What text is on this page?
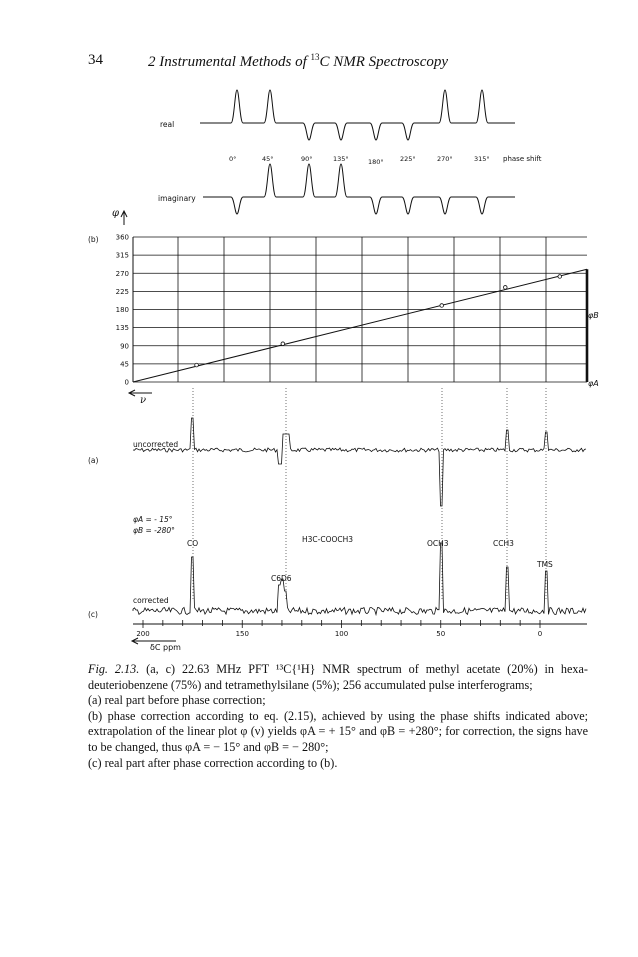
34	2 Instrumental Methods of $^{13}$C NMR Spectroscopy
real
imaginary
phase shift
0°	45°	90°	135°	180°	225°	270°	315°
(b)
φ
0
45
90
135
180
225
270
315
360
φB
φA
ν
(a)
uncorrected
φA = - 15°
φB = -280°
CO	H3C-COOCH3	OCH3	CCH3
TMS
C6D6
corrected
(c)
200	150	100	50	0
δC ppm

Fig. 2.13. (a, c) 22.63 MHz PFT ¹³C{¹H} NMR spectrum of methyl acetate (20%) in hexa-deuteriobenzene (75%) and tetramethylsilane (5%); 256 accumulated pulse interferograms;

(a) real part before phase correction;

(b) phase correction according to eq. (2.15), achieved by using the phase shifts indicated above; extrapolation of the linear plot φ (ν) yields φA = + 15° and φB = +280°; for correction, the signs have to be changed, thus φA = − 15° and φB = − 280°;

(c) real part after phase correction according to (b).
